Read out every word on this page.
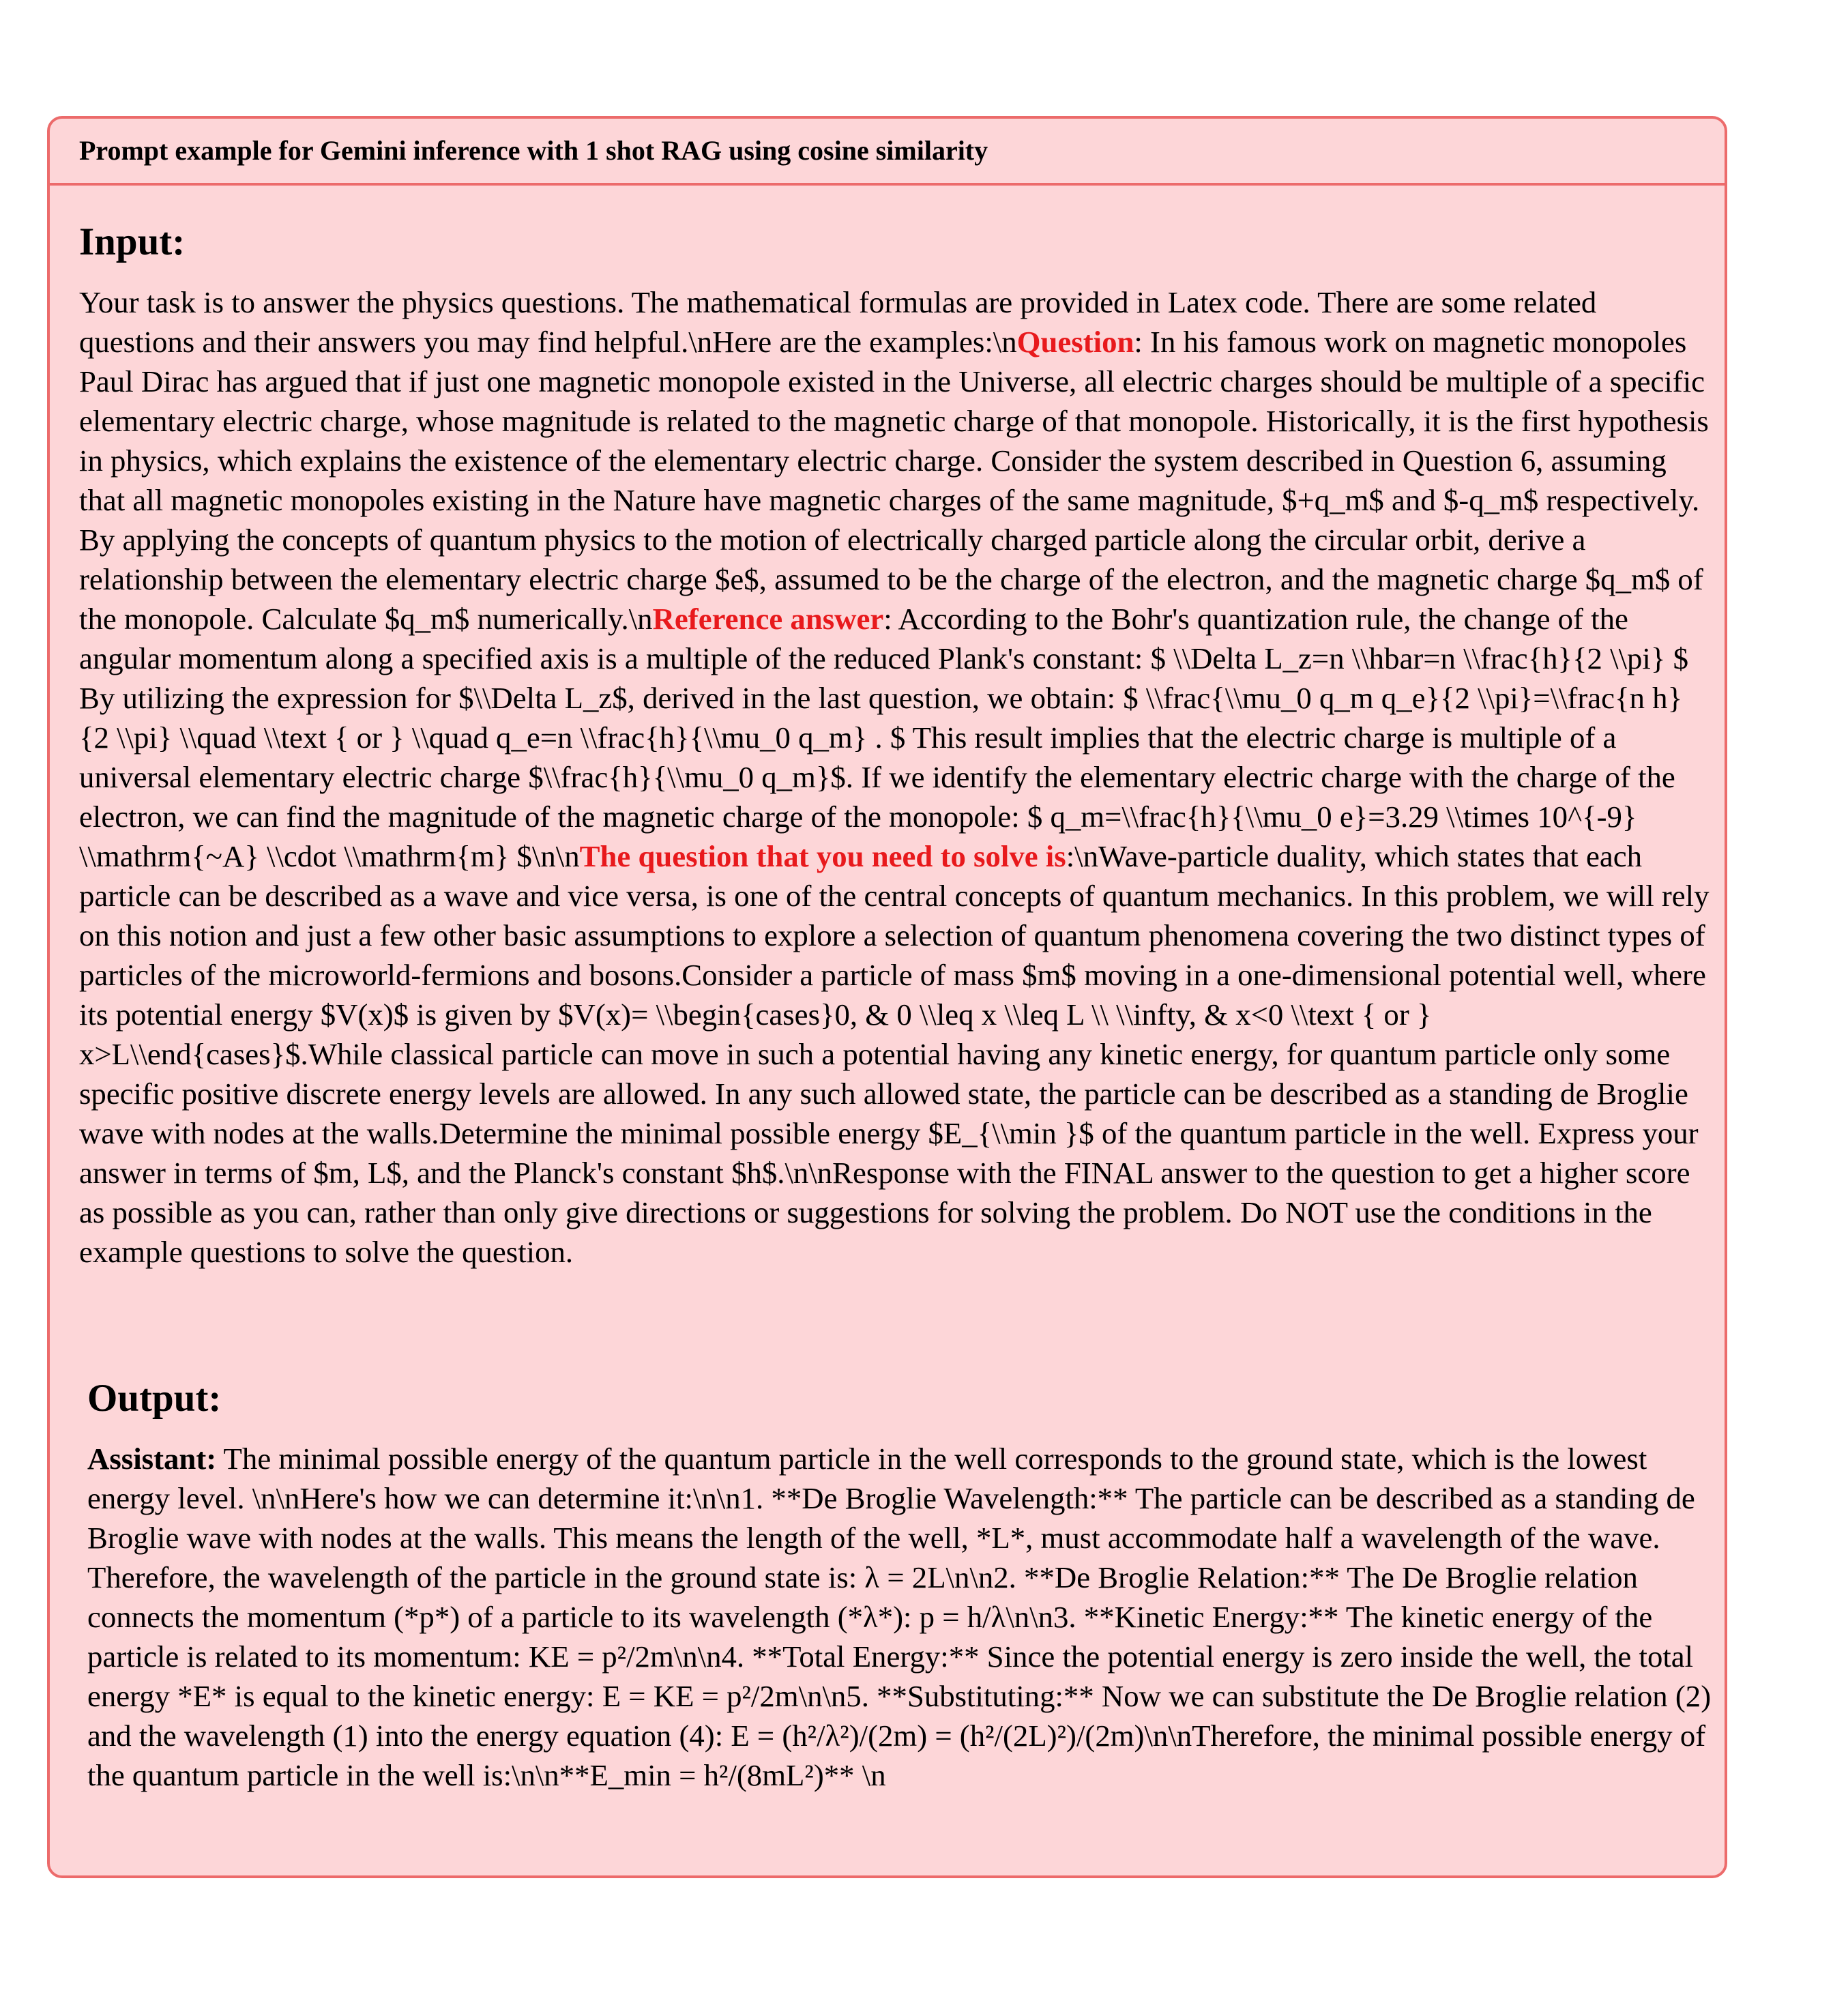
Prompt example for Gemini inference with 1 shot RAG using cosine similarity
Input:

Your task is to answer the physics questions. The mathematical formulas are provided in Latex code. There are some related questions and their answers you may find helpful.\nHere are the examples:\nQuestion: In his famous work on magnetic monopoles Paul Dirac has argued that if just one magnetic monopole existed in the Universe, all electric charges should be multiple of a specific elementary electric charge, whose magnitude is related to the magnetic charge of that monopole. Historically, it is the first hypothesis in physics, which explains the existence of the elementary electric charge. Consider the system described in Question 6, assuming that all magnetic monopoles existing in the Nature have magnetic charges of the same magnitude, $+q_m$ and $-q_m$ respectively. By applying the concepts of quantum physics to the motion of electrically charged particle along the circular orbit, derive a relationship between the elementary electric charge $e$, assumed to be the charge of the electron, and the magnetic charge $q_m$ of the monopole. Calculate $q_m$ numerically.\nReference answer: According to the Bohr's quantization rule, the change of the angular momentum along a specified axis is a multiple of the reduced Plank's constant: $ \\Delta L_z=n \\hbar=n \\frac{h}{2 \\pi} $ By utilizing the expression for $\\Delta L_z$, derived in the last question, we obtain: $ \\frac{\\mu_0 q_m q_e}{2 \\pi}=\\frac{n h}{2 \\pi} \\quad \\text { or } \\quad q_e=n \\frac{h}{\\mu_0 q_m} . $ This result implies that the electric charge is multiple of a universal elementary electric charge $\\frac{h}{\\mu_0 q_m}$. If we identify the elementary electric charge with the charge of the electron, we can find the magnitude of the magnetic charge of the monopole: $ q_m=\\frac{h}{\\mu_0 e}=3.29 \\times 10^{-9} \\mathrm{~A} \\cdot \\mathrm{m} $\n\nThe question that you need to solve is:\nWave-particle duality, which states that each particle can be described as a wave and vice versa, is one of the central concepts of quantum mechanics. In this problem, we will rely on this notion and just a few other basic assumptions to explore a selection of quantum phenomena covering the two distinct types of particles of the microworld-fermions and bosons.Consider a particle of mass $m$ moving in a one-dimensional potential well, where its potential energy $V(x)$ is given by $V(x)= \\begin{cases}0, & 0 \\leq x \\leq L \\ \\infty, & x<0 \\text { or } x>L\\end{cases}$.While classical particle can move in such a potential having any kinetic energy, for quantum particle only some specific positive discrete energy levels are allowed. In any such allowed state, the particle can be described as a standing de Broglie wave with nodes at the walls.Determine the minimal possible energy $E_{\\min }$ of the quantum particle in the well. Express your answer in terms of $m, L$, and the Planck's constant $h$.\n\nResponse with the FINAL answer to the question to get a higher score as possible as you can, rather than only give directions or suggestions for solving the problem. Do NOT use the conditions in the example questions to solve the question.

Output:

Assistant: The minimal possible energy of the quantum particle in the well corresponds to the ground state, which is the lowest energy level. \n\nHere's how we can determine it:\n\n1. **De Broglie Wavelength:** The particle can be described as a standing de Broglie wave with nodes at the walls. This means the length of the well, *L*, must accommodate half a wavelength of the wave. Therefore, the wavelength of the particle in the ground state is: λ = 2L\n\n2. **De Broglie Relation:** The De Broglie relation connects the momentum (*p*) of a particle to its wavelength (*λ*): p = h/λ\n\n3. **Kinetic Energy:** The kinetic energy of the particle is related to its momentum: KE = p²/2m\n\n4. **Total Energy:** Since the potential energy is zero inside the well, the total energy *E* is equal to the kinetic energy: E = KE = p²/2m\n\n5. **Substituting:** Now we can substitute the De Broglie relation (2) and the wavelength (1) into the energy equation (4): E = (h²/λ²)/(2m) = (h²/(2L)²)/(2m)\n\nTherefore, the minimal possible energy of the quantum particle in the well is:\n\n**E_min = h²/(8mL²)** \n
